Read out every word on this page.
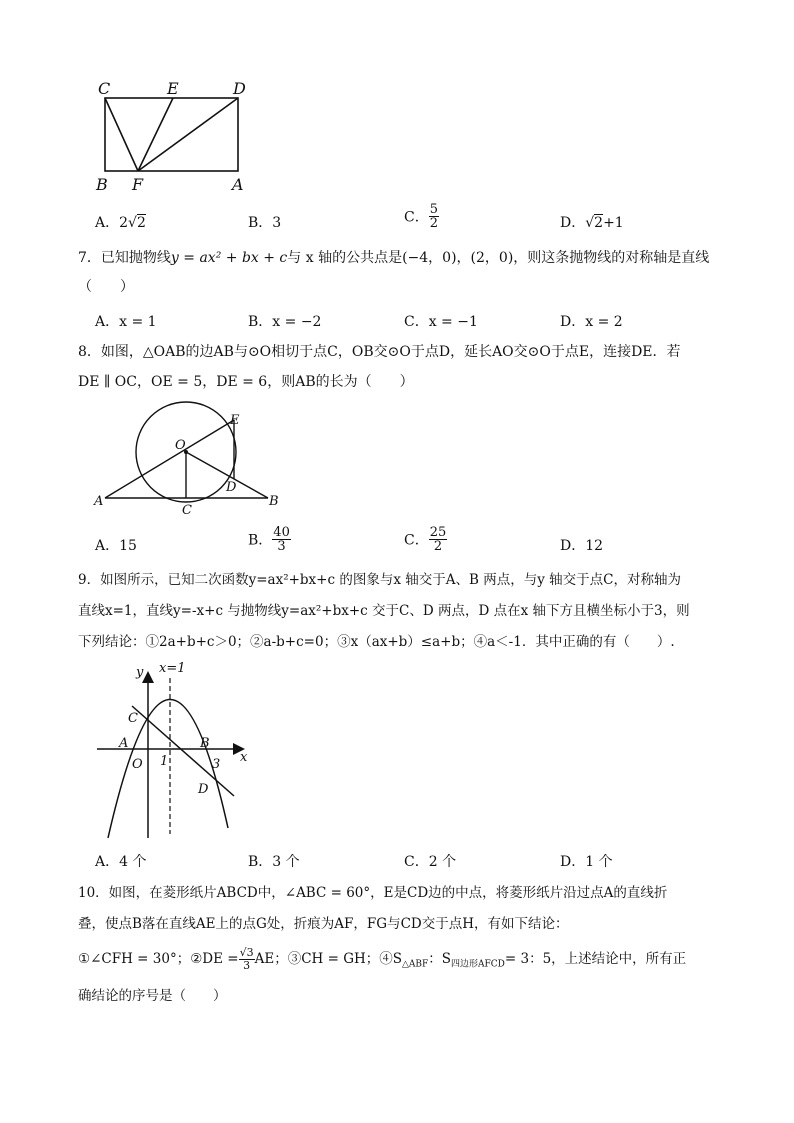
C	E	D
B F	A
A．2√2	B．3	C． $\frac{5}{2}$	D．√2+1
7．已知抛物线y = ax² + bx + c与 x 轴的公共点是(−4，0)，(2，0)，则这条抛物线的对称轴是直线
（　　）
A．x = 1	B．x = −2	C．x = −1	D．x = 2
8．如图，△OAB的边AB与⊙O相切于点C，OB交⊙O于点D，延长AO交⊙O于点E，连接DE．若
DE ∥ OC，OE = 5，DE = 6，则AB的长为（　　）
O
E
D
A	B
C
A．15	B． $\frac{40}{3}$	C． $\frac{25}{2}$	D．12
9．如图所示，已知二次函数y=ax²+bx+c 的图象与x 轴交于A、B 两点，与y 轴交于点C，对称轴为
直线x=1，直线y=-x+c 与抛物线y=ax²+bx+c 交于C、D 两点，D 点在x 轴下方且横坐标小于3，则
下列结论：①2a+b+c＞0；②a-b+c=0；③x（ax+b）≤a+b；④a＜-1．其中正确的有（　　）.
y x=1
C
A	B
O 1	3 x
D
A．4 个	B．3 个	C．2 个	D．1 个
10．如图，在菱形纸片ABCD中，∠ABC = 60°，E是CD边的中点，将菱形纸片沿过点A的直线折
叠，使点B落在直线AE上的点G处，折痕为AF，FG与CD交于点H，有如下结论：
①∠CFH = 30°；②DE = $\frac{√3}{3}$ AE；③CH = GH；$④S_{\triangle ABF}$：$S_{四边形AFCD}= 3$：5，上述结论中，所有正
确结论的序号是（　　）
